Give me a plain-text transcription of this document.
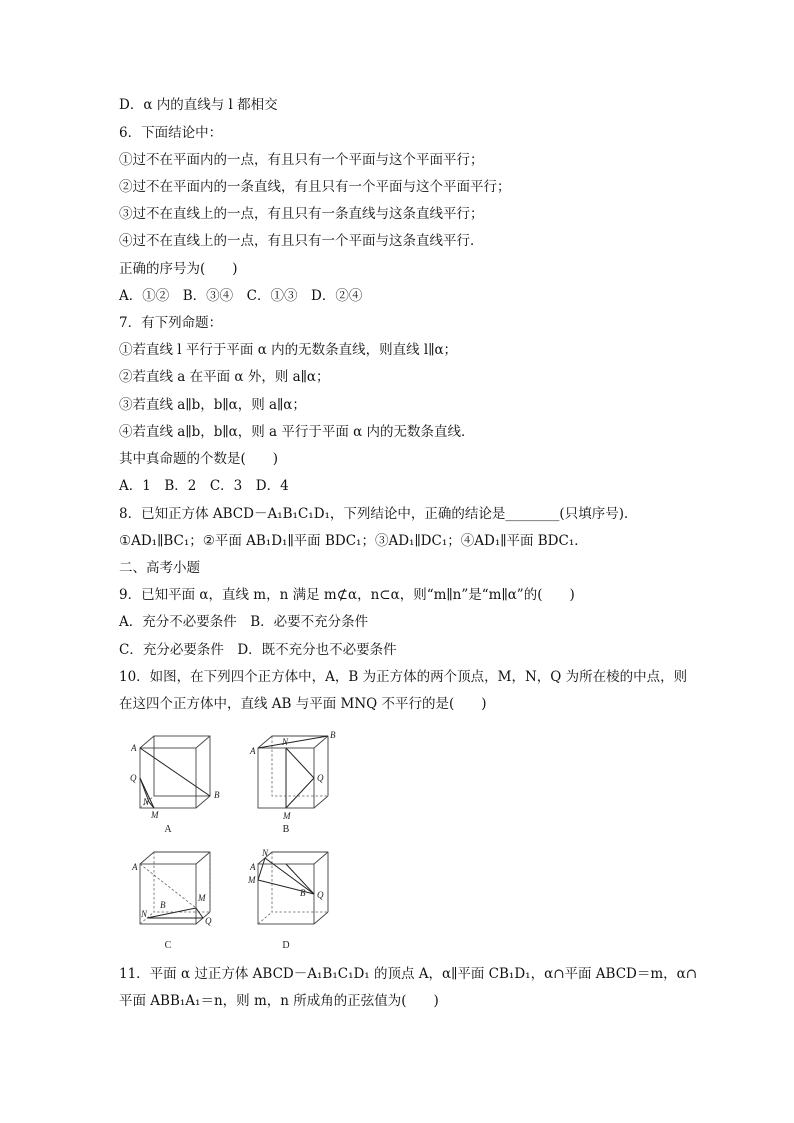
D．α 内的直线与 l 都相交
6．下面结论中：
①过不在平面内的一点，有且只有一个平面与这个平面平行；
②过不在平面内的一条直线，有且只有一个平面与这个平面平行；
③过不在直线上的一点，有且只有一条直线与这条直线平行；
④过不在直线上的一点，有且只有一个平面与这条直线平行．
正确的序号为(　　)
A．①②　B．③④　C．①③　D．②④
7．有下列命题：
①若直线 l 平行于平面 α 内的无数条直线，则直线 l∥α；
②若直线 a 在平面 α 外，则 a∥α；
③若直线 a∥b，b∥α，则 a∥α；
④若直线 a∥b，b∥α，则 a 平行于平面 α 内的无数条直线．
其中真命题的个数是(　　)
A．1　B．2　C．3　D．4
8．已知正方体 ABCD－A₁B₁C₁D₁，下列结论中，正确的结论是________(只填序号)．
①AD₁∥BC₁；②平面 AB₁D₁∥平面 BDC₁；③AD₁∥DC₁；④AD₁∥平面 BDC₁．
二、高考小题
9．已知平面 α，直线 m，n 满足 m⊄α，n⊂α，则“m∥n”是“m∥α”的(　　)
A．充分不必要条件　B．必要不充分条件
C．充分必要条件　D．既不充分也不必要条件
10．如图，在下列四个正方体中，A，B 为正方体的两个顶点，M，N，Q 为所在棱的中点，则
在这四个正方体中，直线 AB 与平面 MNQ 不平行的是(　　)
11．平面 α 过正方体 ABCD－A₁B₁C₁D₁ 的顶点 A，α∥平面 CB₁D₁，α∩平面 ABCD＝m，α∩
平面 ABB₁A₁＝n，则 m，n 所成角的正弦值为(　　)
A
Q
N
M
B
A
B
N
A
M
Q
B
A
B
M
N
Q
C
A
N
M
B Q
D
